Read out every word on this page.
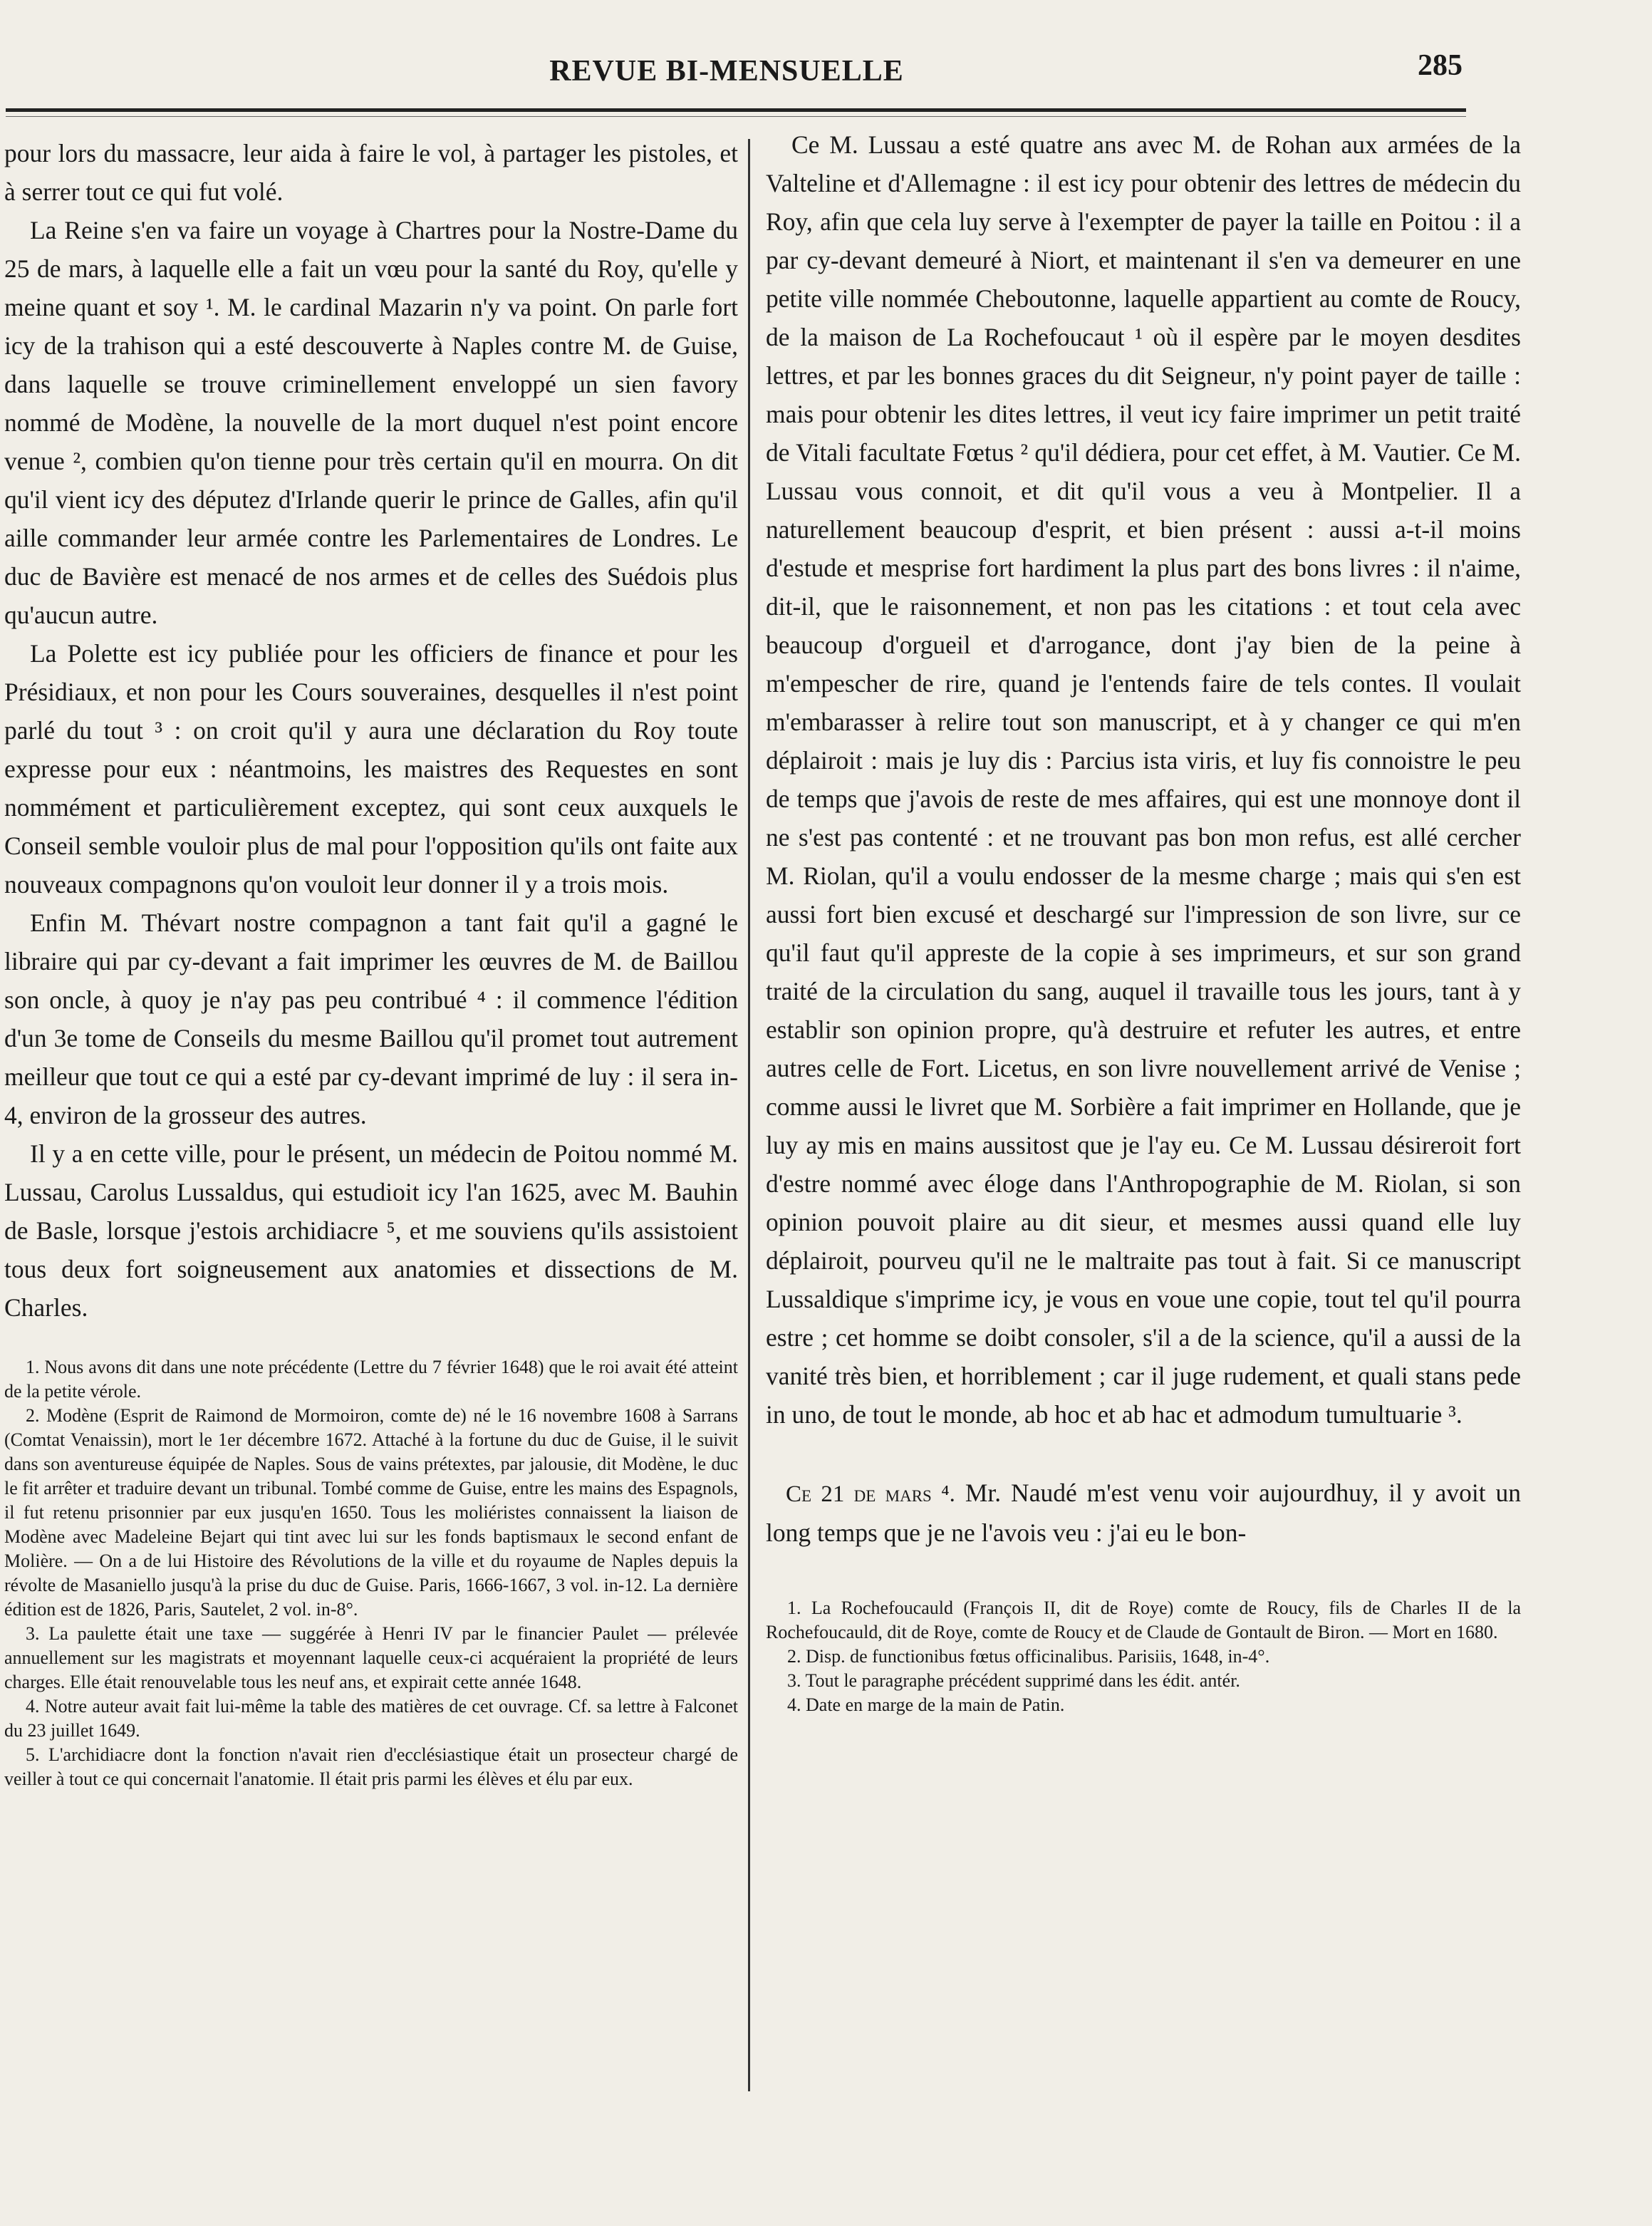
REVUE BI-MENSUELLE	285

pour lors du massacre, leur aida à faire le vol, à partager les pistoles, et à serrer tout ce qui fut volé.

La Reine s'en va faire un voyage à Chartres pour la Nostre-Dame du 25 de mars, à laquelle elle a fait un vœu pour la santé du Roy, qu'elle y meine quant et soy ¹. M. le cardinal Mazarin n'y va point. On parle fort icy de la trahison qui a esté descouverte à Naples contre M. de Guise, dans laquelle se trouve criminellement enveloppé un sien favory nommé de Modène, la nouvelle de la mort duquel n'est point encore venue ², combien qu'on tienne pour très certain qu'il en mourra. On dit qu'il vient icy des députez d'Irlande querir le prince de Galles, afin qu'il aille commander leur armée contre les Parlementaires de Londres. Le duc de Bavière est menacé de nos armes et de celles des Suédois plus qu'aucun autre.

La Polette est icy publiée pour les officiers de finance et pour les Présidiaux, et non pour les Cours souveraines, desquelles il n'est point parlé du tout ³ : on croit qu'il y aura une déclaration du Roy toute expresse pour eux : néantmoins, les maistres des Requestes en sont nommément et particulièrement exceptez, qui sont ceux auxquels le Conseil semble vouloir plus de mal pour l'opposition qu'ils ont faite aux nouveaux compagnons qu'on vouloit leur donner il y a trois mois.

Enfin M. Thévart nostre compagnon a tant fait qu'il a gagné le libraire qui par cy-devant a fait imprimer les œuvres de M. de Baillou son oncle, à quoy je n'ay pas peu contribué ⁴ : il commence l'édition d'un 3e tome de Conseils du mesme Baillou qu'il promet tout autrement meilleur que tout ce qui a esté par cy-devant imprimé de luy : il sera in-4, environ de la grosseur des autres.

Il y a en cette ville, pour le présent, un médecin de Poitou nommé M. Lussau, Carolus Lussaldus, qui estudioit icy l'an 1625, avec M. Bauhin de Basle, lorsque j'estois archidiacre ⁵, et me souviens qu'ils assistoient tous deux fort soigneusement aux anatomies et dissections de M. Charles.

1. Nous avons dit dans une note précédente (Lettre du 7 février 1648) que le roi avait été atteint de la petite vérole.

2. Modène (Esprit de Raimond de Mormoiron, comte de) né le 16 novembre 1608 à Sarrans (Comtat Venaissin), mort le 1er décembre 1672. Attaché à la fortune du duc de Guise, il le suivit dans son aventureuse équipée de Naples. Sous de vains prétextes, par jalousie, dit Modène, le duc le fit arrêter et traduire devant un tribunal. Tombé comme de Guise, entre les mains des Espagnols, il fut retenu prisonnier par eux jusqu'en 1650. Tous les moliéristes connaissent la liaison de Modène avec Madeleine Bejart qui tint avec lui sur les fonds baptismaux le second enfant de Molière. — On a de lui Histoire des Révolutions de la ville et du royaume de Naples depuis la révolte de Masaniello jusqu'à la prise du duc de Guise. Paris, 1666-1667, 3 vol. in-12. La dernière édition est de 1826, Paris, Sautelet, 2 vol. in-8°.

3. La paulette était une taxe — suggérée à Henri IV par le financier Paulet — prélevée annuellement sur les magistrats et moyennant laquelle ceux-ci acquéraient la propriété de leurs charges. Elle était renouvelable tous les neuf ans, et expirait cette année 1648.

4. Notre auteur avait fait lui-même la table des matières de cet ouvrage. Cf. sa lettre à Falconet du 23 juillet 1649.

5. L'archidiacre dont la fonction n'avait rien d'ecclésiastique était un prosecteur chargé de veiller à tout ce qui concernait l'anatomie. Il était pris parmi les élèves et élu par eux.

Ce M. Lussau a esté quatre ans avec M. de Rohan aux armées de la Valteline et d'Allemagne : il est icy pour obtenir des lettres de médecin du Roy, afin que cela luy serve à l'exempter de payer la taille en Poitou : il a par cy-devant demeuré à Niort, et maintenant il s'en va demeurer en une petite ville nommée Cheboutonne, laquelle appartient au comte de Roucy, de la maison de La Rochefoucaut ¹ où il espère par le moyen desdites lettres, et par les bonnes graces du dit Seigneur, n'y point payer de taille : mais pour obtenir les dites lettres, il veut icy faire imprimer un petit traité de Vitali facultate Fœtus ² qu'il dédiera, pour cet effet, à M. Vautier. Ce M. Lussau vous connoit, et dit qu'il vous a veu à Montpelier. Il a naturellement beaucoup d'esprit, et bien présent : aussi a-t-il moins d'estude et mesprise fort hardiment la plus part des bons livres : il n'aime, dit-il, que le raisonnement, et non pas les citations : et tout cela avec beaucoup d'orgueil et d'arrogance, dont j'ay bien de la peine à m'empescher de rire, quand je l'entends faire de tels contes. Il voulait m'embarasser à relire tout son manuscript, et à y changer ce qui m'en déplairoit : mais je luy dis : Parcius ista viris, et luy fis connoistre le peu de temps que j'avois de reste de mes affaires, qui est une monnoye dont il ne s'est pas contenté : et ne trouvant pas bon mon refus, est allé cercher M. Riolan, qu'il a voulu endosser de la mesme charge ; mais qui s'en est aussi fort bien excusé et deschargé sur l'impression de son livre, sur ce qu'il faut qu'il appreste de la copie à ses imprimeurs, et sur son grand traité de la circulation du sang, auquel il travaille tous les jours, tant à y establir son opinion propre, qu'à destruire et refuter les autres, et entre autres celle de Fort. Licetus, en son livre nouvellement arrivé de Venise ; comme aussi le livret que M. Sorbière a fait imprimer en Hollande, que je luy ay mis en mains aussitost que je l'ay eu. Ce M. Lussau désireroit fort d'estre nommé avec éloge dans l'Anthropographie de M. Riolan, si son opinion pouvoit plaire au dit sieur, et mesmes aussi quand elle luy déplairoit, pourveu qu'il ne le maltraite pas tout à fait. Si ce manuscript Lussaldique s'imprime icy, je vous en voue une copie, tout tel qu'il pourra estre ; cet homme se doibt consoler, s'il a de la science, qu'il a aussi de la vanité très bien, et horriblement ; car il juge rudement, et quali stans pede in uno, de tout le monde, ab hoc et ab hac et admodum tumultuarie ³.

Ce 21 de mars ⁴. Mr. Naudé m'est venu voir aujourdhuy, il y avoit un long temps que je ne l'avois veu : j'ai eu le bon-

1. La Rochefoucauld (François II, dit de Roye) comte de Roucy, fils de Charles II de la Rochefoucauld, dit de Roye, comte de Roucy et de Claude de Gontault de Biron. — Mort en 1680.

2. Disp. de functionibus fœtus officinalibus. Parisiis, 1648, in-4°.

3. Tout le paragraphe précédent supprimé dans les édit. antér.

4. Date en marge de la main de Patin.
